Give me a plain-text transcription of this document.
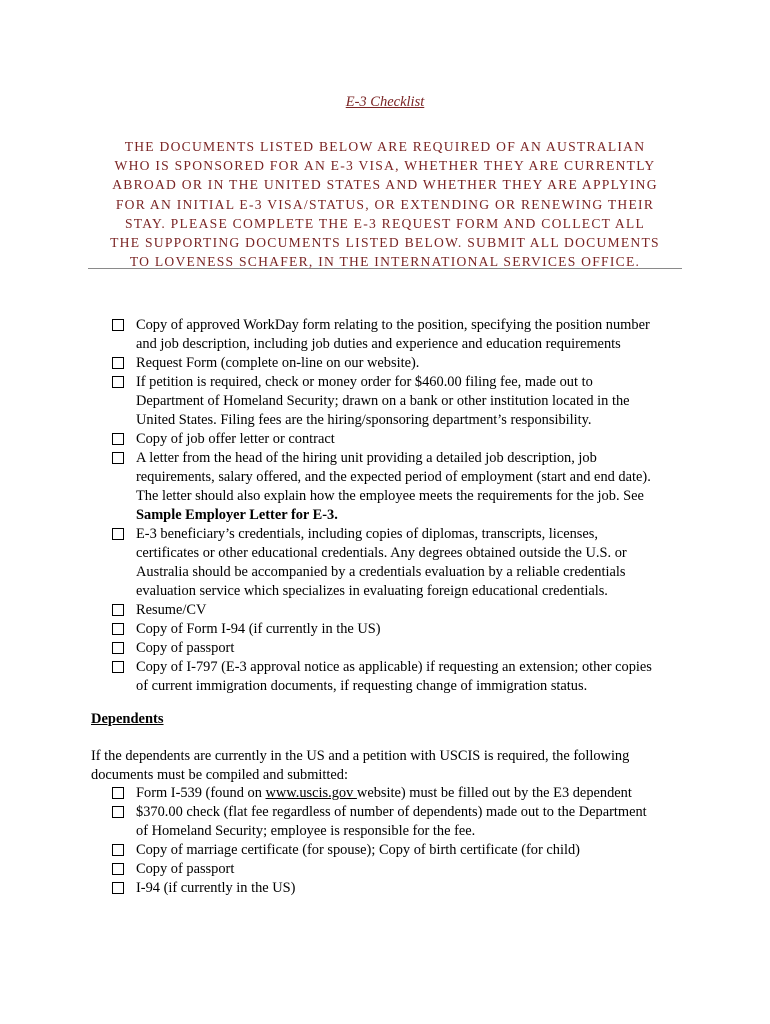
E-3 Checklist
THE DOCUMENTS LISTED BELOW ARE REQUIRED OF AN AUSTRALIAN
WHO IS SPONSORED FOR AN E-3 VISA, WHETHER THEY ARE CURRENTLY
ABROAD OR IN THE UNITED STATES AND WHETHER THEY ARE APPLYING
FOR AN INITIAL E-3 VISA/STATUS, OR EXTENDING OR RENEWING THEIR
STAY. PLEASE COMPLETE THE E-3 REQUEST FORM AND COLLECT ALL
THE SUPPORTING DOCUMENTS LISTED BELOW. SUBMIT ALL DOCUMENTS
TO LOVENESS SCHAFER, IN THE INTERNATIONAL SERVICES OFFICE.
Copy of approved WorkDay form relating to the position, specifying the position number
and job description, including job duties and experience and education requirements
Request Form (complete on-line on our website).
If petition is required, check or money order for $460.00 filing fee, made out to
Department of Homeland Security; drawn on a bank or other institution located in the
United States. Filing fees are the hiring/sponsoring department’s responsibility.
Copy of job offer letter or contract
A letter from the head of the hiring unit providing a detailed job description, job
requirements, salary offered, and the expected period of employment (start and end date).
The letter should also explain how the employee meets the requirements for the job. See
Sample Employer Letter for E-3.
E-3 beneficiary’s credentials, including copies of diplomas, transcripts, licenses,
certificates or other educational credentials. Any degrees obtained outside the U.S. or
Australia should be accompanied by a credentials evaluation by a reliable credentials
evaluation service which specializes in evaluating foreign educational credentials.
Resume/CV
Copy of Form I-94 (if currently in the US)
Copy of passport
Copy of I-797 (E-3 approval notice as applicable) if requesting an extension; other copies
of current immigration documents, if requesting change of immigration status.
Dependents
If the dependents are currently in the US and a petition with USCIS is required, the following
documents must be compiled and submitted:
Form I-539 (found on www.uscis.gov website) must be filled out by the E3 dependent
$370.00 check (flat fee regardless of number of dependents) made out to the Department
of Homeland Security; employee is responsible for the fee.
Copy of marriage certificate (for spouse); Copy of birth certificate (for child)
Copy of passport
I-94 (if currently in the US)
